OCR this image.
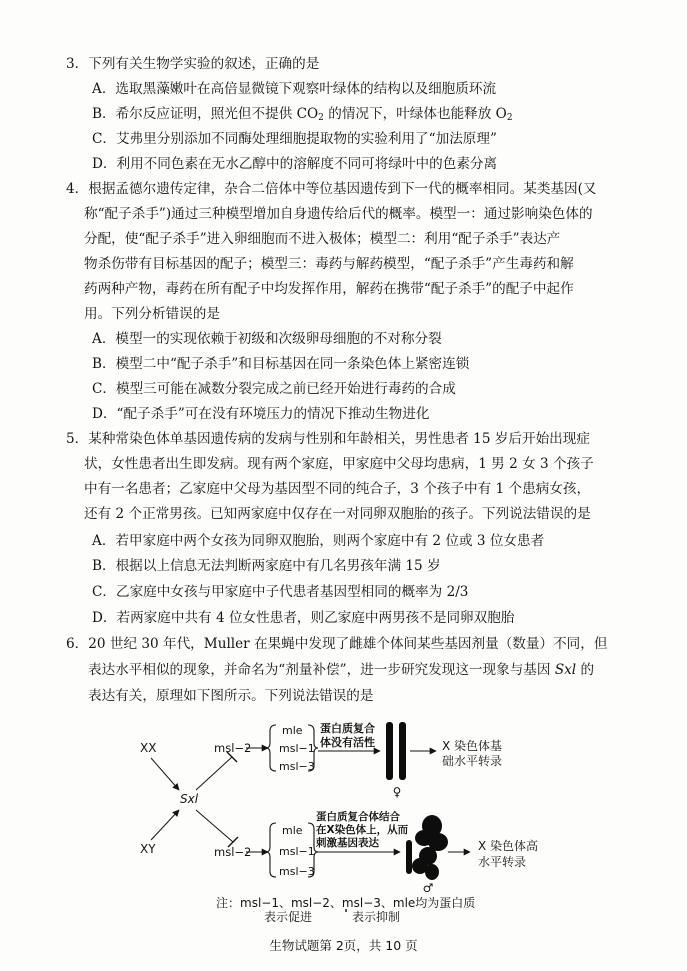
3．下列有关生物学实验的叙述，正确的是
A．选取黑藻嫩叶在高倍显微镜下观察叶绿体的结构以及细胞质环流
B．希尔反应证明，照光但不提供 $CO_2$ 的情况下，叶绿体也能释放 $O_2$
C．艾弗里分别添加不同酶处理细胞提取物的实验利用了“加法原理”
D．利用不同色素在无水乙醇中的溶解度不同可将绿叶中的色素分离
4．根据孟德尔遗传定律，杂合二倍体中等位基因遗传到下一代的概率相同。某类基因(又
称“配子杀手”)通过三种模型增加自身遗传给后代的概率。模型一：通过影响染色体的
分配，使“配子杀手”进入卵细胞而不进入极体；模型二：利用“配子杀手”表达产
物杀伤带有目标基因的配子；模型三：毒药与解药模型，“配子杀手”产生毒药和解
药两种产物，毒药在所有配子中均发挥作用，解药在携带“配子杀手”的配子中起作
用。下列分析错误的是
A．模型一的实现依赖于初级和次级卵母细胞的不对称分裂
B．模型二中“配子杀手”和目标基因在同一条染色体上紧密连锁
C．模型三可能在减数分裂完成之前已经开始进行毒药的合成
D．“配子杀手”可在没有环境压力的情况下推动生物进化
5．某种常染色体单基因遗传病的发病与性别和年龄相关，男性患者 15 岁后开始出现症
状，女性患者出生即发病。现有两个家庭，甲家庭中父母均患病，1 男 2 女 3 个孩子
中有一名患者；乙家庭中父母为基因型不同的纯合子，3 个孩子中有 1 个患病女孩，
还有 2 个正常男孩。已知两家庭中仅存在一对同卵双胞胎的孩子。下列说法错误的是
A．若甲家庭中两个女孩为同卵双胞胎，则两个家庭中有 2 位或 3 位女患者
B．根据以上信息无法判断两家庭中有几名男孩年满 15 岁
C．乙家庭中女孩与甲家庭中子代患者基因型相同的概率为 2/3
D．若两家庭中共有 4 位女性患者，则乙家庭中两男孩不是同卵双胞胎
6．20 世纪 30 年代，Muller 在果蝇中发现了雌雄个体间某些基因剂量（数量）不同，但
表达水平相似的现象，并命名为“剂量补偿”，进一步研究发现这一现象与基因 Sxl 的
表达有关，原理如下图所示。下列说法错误的是
XX
XY
Sxl
msl−2
mle
msl−1
msl−3
蛋白质复合
体没有活性
♀
X 染色体基
础水平转录
msl−2
mle
msl−1
msl−3
蛋白质复合体结合
在X染色体上，从而
刺激基因表达
♂
X 染色体高
水平转录
注：msl−1、msl−2、msl−3、mle均为蛋白质
表示促进	表示抑制
生物试题第 2页，共 10 页
